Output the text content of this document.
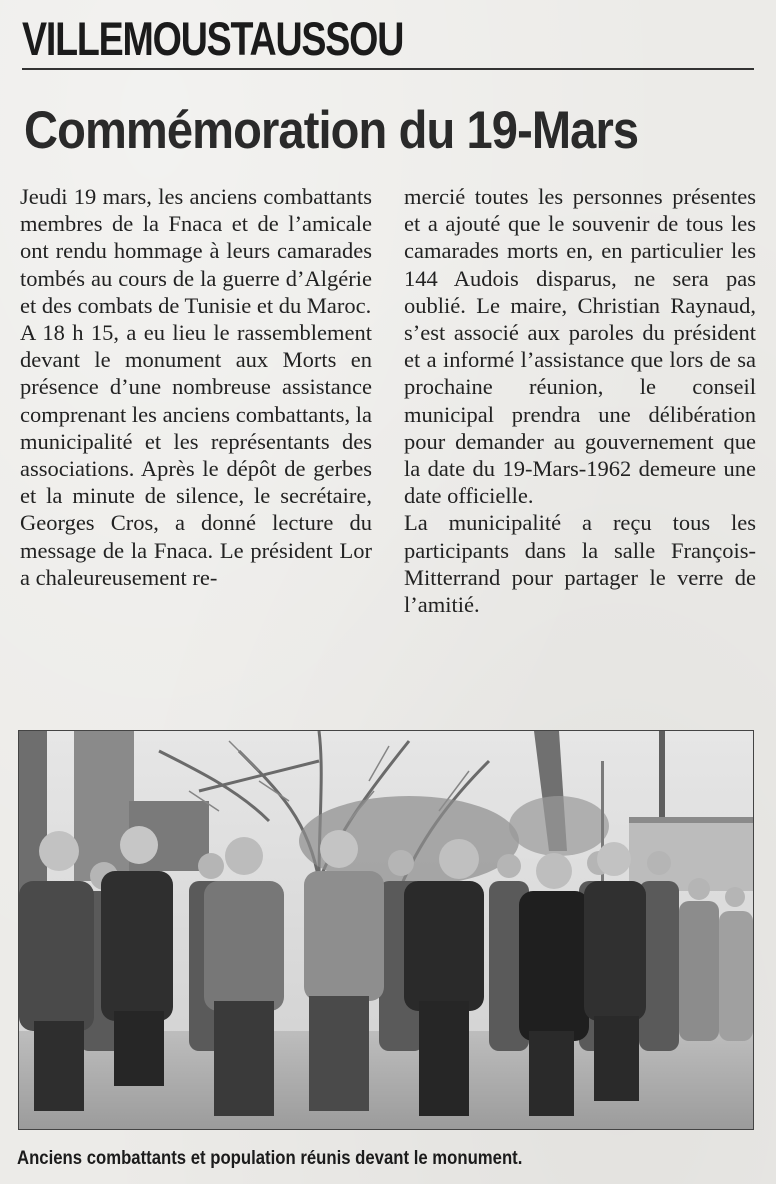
VILLEMOUSTAUSSOU
Commémoration du 19-Mars

Jeudi 19 mars, les anciens combattants membres de la Fnaca et de l’amicale ont rendu hommage à leurs camarades tombés au cours de la guerre d’Algérie et des combats de Tunisie et du Maroc.

A 18 h 15, a eu lieu le rassemblement devant le monument aux Morts en présence d’une nombreuse assistance comprenant les anciens combattants, la municipalité et les représentants des associations. Après le dépôt de gerbes et la minute de silence, le secrétaire, Georges Cros, a donné lecture du message de la Fnaca. Le président Lor a chaleureusement re-

mercié toutes les personnes présentes et a ajouté que le souvenir de tous les camarades morts en, en particulier les 144 Audois disparus, ne sera pas oublié. Le maire, Christian Raynaud, s’est associé aux paroles du président et a informé l’assistance que lors de sa prochaine réunion, le conseil municipal prendra une délibération pour demander au gouvernement que la date du 19-Mars-1962 demeure une date officielle.

La municipalité a reçu tous les participants dans la salle François-Mitterrand pour partager le verre de l’amitié.

Anciens combattants et population réunis devant le monument.
